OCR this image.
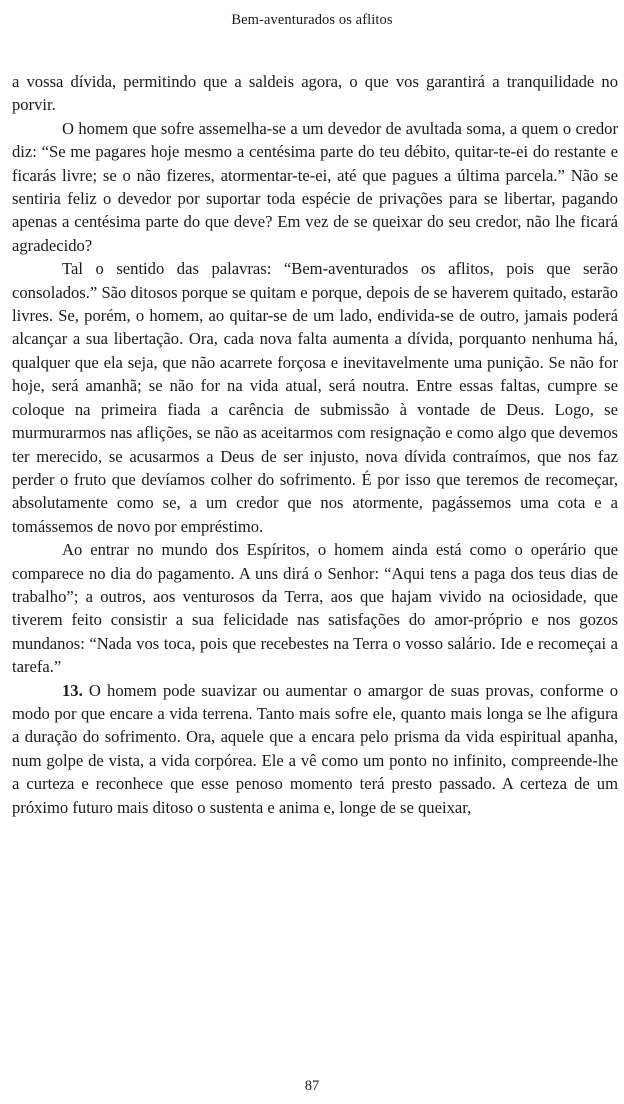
Bem-aventurados os aflitos

a vossa dívida, permitindo que a saldeis agora, o que vos garantirá a tranquilidade no porvir.

O homem que sofre assemelha-se a um devedor de avultada soma, a quem o credor diz: “Se me pagares hoje mesmo a centésima parte do teu débito, quitar-te-ei do restante e ficarás livre; se o não fizeres, atormentar-te-ei, até que pagues a última parcela.” Não se sentiria feliz o devedor por suportar toda espécie de privações para se libertar, pagando apenas a centésima parte do que deve? Em vez de se queixar do seu credor, não lhe ficará agradecido?

Tal o sentido das palavras: “Bem-aventurados os aflitos, pois que serão consolados.” São ditosos porque se quitam e porque, depois de se haverem quitado, estarão livres. Se, porém, o homem, ao quitar-se de um lado, endivida-se de outro, jamais poderá alcançar a sua libertação. Ora, cada nova falta aumenta a dívida, porquanto nenhuma há, qualquer que ela seja, que não acarrete forçosa e inevitavelmente uma punição. Se não for hoje, será amanhã; se não for na vida atual, será noutra. Entre essas faltas, cumpre se coloque na primeira fiada a carência de submissão à vontade de Deus. Logo, se murmurarmos nas aflições, se não as aceitarmos com resignação e como algo que devemos ter merecido, se acusarmos a Deus de ser injusto, nova dívida contraímos, que nos faz perder o fruto que devíamos colher do sofrimento. É por isso que teremos de recomeçar, absolutamente como se, a um credor que nos atormente, pagássemos uma cota e a tomássemos de novo por empréstimo.

Ao entrar no mundo dos Espíritos, o homem ainda está como o operário que comparece no dia do pagamento. A uns dirá o Senhor: “Aqui tens a paga dos teus dias de trabalho”; a outros, aos venturosos da Terra, aos que hajam vivido na ociosidade, que tiverem feito consistir a sua felicidade nas satisfações do amor-próprio e nos gozos mundanos: “Nada vos toca, pois que recebestes na Terra o vosso salário. Ide e recomeçai a tarefa.”

13. O homem pode suavizar ou aumentar o amargor de suas provas, conforme o modo por que encare a vida terrena. Tanto mais sofre ele, quanto mais longa se lhe afigura a duração do sofrimento. Ora, aquele que a encara pelo prisma da vida espiritual apanha, num golpe de vista, a vida corpórea. Ele a vê como um ponto no infinito, compreende-lhe a curteza e reconhece que esse penoso momento terá presto passado. A certeza de um próximo futuro mais ditoso o sustenta e anima e, longe de se queixar,

87
